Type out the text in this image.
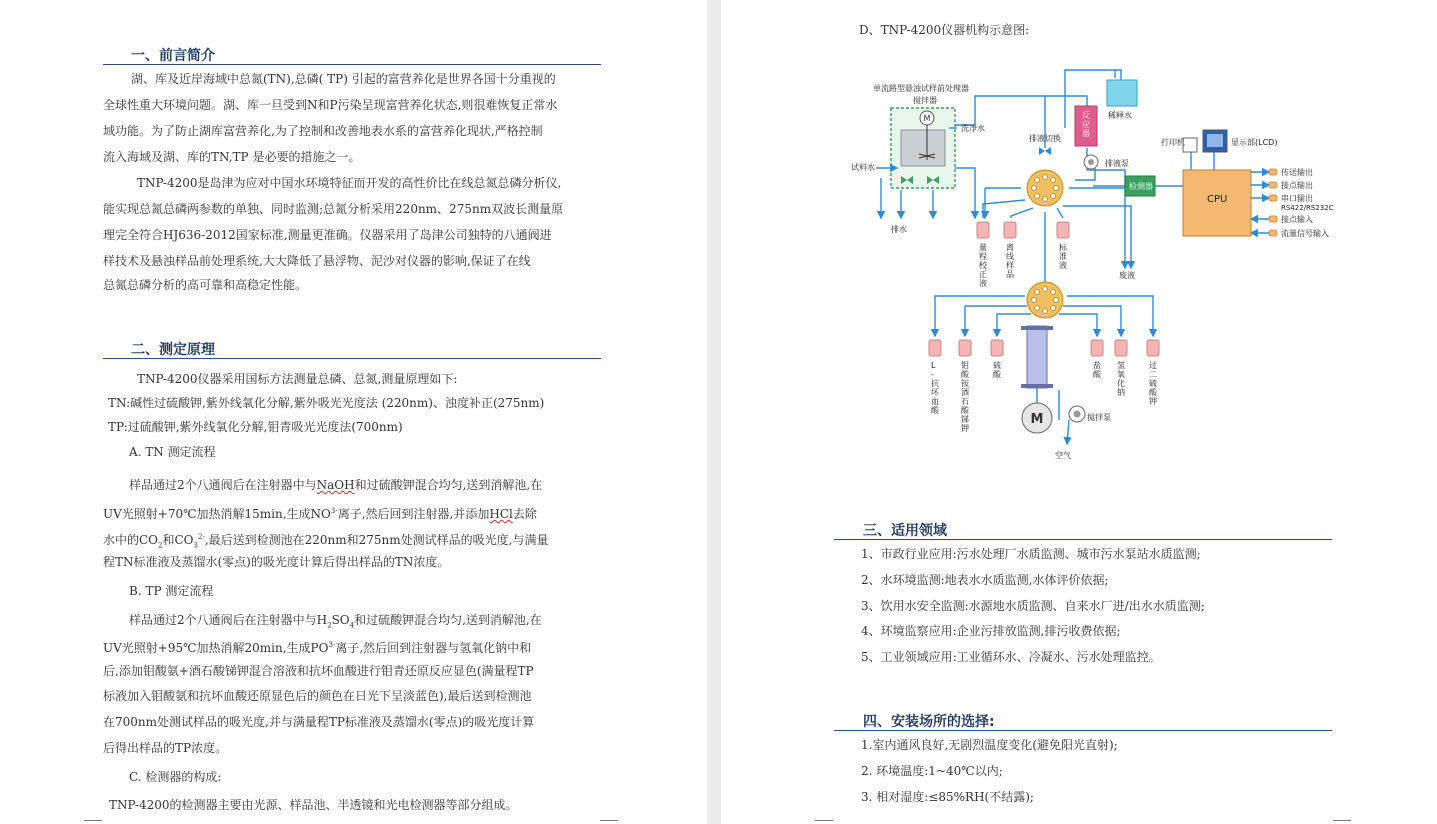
一、前言简介
湖、库及近岸海域中总氮(TN),总磷( TP) 引起的富营养化是世界各国十分重视的
全球性重大环境问题。湖、库一旦受到N和P污染呈现富营养化状态,则很难恢复正常水
域功能。为了防止湖库富营养化,为了控制和改善地表水系的富营养化现状,严格控制
流入海域及湖、库的TN,TP 是必要的措施之一。
TNP-4200是岛津为应对中国水环境特征而开发的高性价比在线总氮总磷分析仪,
能实现总氮总磷两参数的单独、同时监测;总氮分析采用220nm、275nm双波长测量原
理完全符合HJ636-2012国家标准,测量更准确。仪器采用了岛津公司独特的八通阀进
样技术及悬浊样品前处理系统,大大降低了悬浮物、泥沙对仪器的影响,保证了在线
总氮总磷分析的高可靠和高稳定性能。
二、测定原理
TNP-4200仪器采用国标方法测量总磷、总氮,测量原理如下:
TN:碱性过硫酸钾,紫外线氧化分解,紫外吸光光度法 (220nm)、浊度补正(275nm)
TP:过硫酸钾,紫外线氧化分解,钼青吸光光度法(700nm)
A. TN 测定流程
样品通过2个八通阀后在注射器中与NaOH和过硫酸钾混合均匀,送到消解池,在
UV光照射+70℃加热消解15min,生成$NO^{3-}$离子,然后回到注射器,并添加HCl去除
水中的$CO_2$和$CO_3^{2-}$,最后送到检测池在220nm和275nm处测试样品的吸光度,与满量
程TN标准液及蒸馏水(零点)的吸光度计算后得出样品的TN浓度。
B. TP 测定流程
样品通过2个八通阀后在注射器中与$H_2SO_4$和过硫酸钾混合均匀,送到消解池,在
UV光照射+95℃加热消解20min,生成$PO^{3-}$离子,然后回到注射器与氢氧化钠中和
后,添加钼酸氨+酒石酸锑钾混合溶液和抗坏血酸进行钼青还原反应显色(满量程TP
标液加入钼酸氨和抗坏血酸还原显色后的颜色在日光下呈淡蓝色),最后送到检测池
在700nm处测试样品的吸光度,并与满量程TP标准液及蒸馏水(零点)的吸光度计算
后得出样品的TP浓度。
C. 检测器的构成:
TNP-4200的检测器主要由光源、样品池、半透镜和光电检测器等部分组成。
D、TNP-4200仪器机构示意图:
M
M
单流路型悬浊试样前处理器
搅拌器
洗净水
试料水
排水
排液切换
稀释水
排液泵
检测器
打印机	显示部(LCD)
CPU
传送输出
接点输出
串口输出
RS422/RS232C
接点输入
流量信号输入
废液
搅拌泵
空气
反应器
量程校正液
离线样品
标准液
L -抗坏血酸
钼酸铵酒石酸锑钾
硫酸
盐酸
氢氧化钠
过二硫酸钾
三、适用领域
1、市政行业应用:污水处理厂水质监测、城市污水泵站水质监测;
2、水环境监测:地表水水质监测,水体评价依据;
3、饮用水安全监测:水源地水质监测、自来水厂进/出水水质监测;
4、环境监察应用:企业污排放监测,排污收费依据;
5、工业领域应用:工业循环水、冷凝水、污水处理监控。
四、安装场所的选择:
1.室内通风良好,无剧烈温度变化(避免阳光直射);
2. 环境温度:1~40℃以内;
3. 相对湿度:≤85%RH(不结露);
